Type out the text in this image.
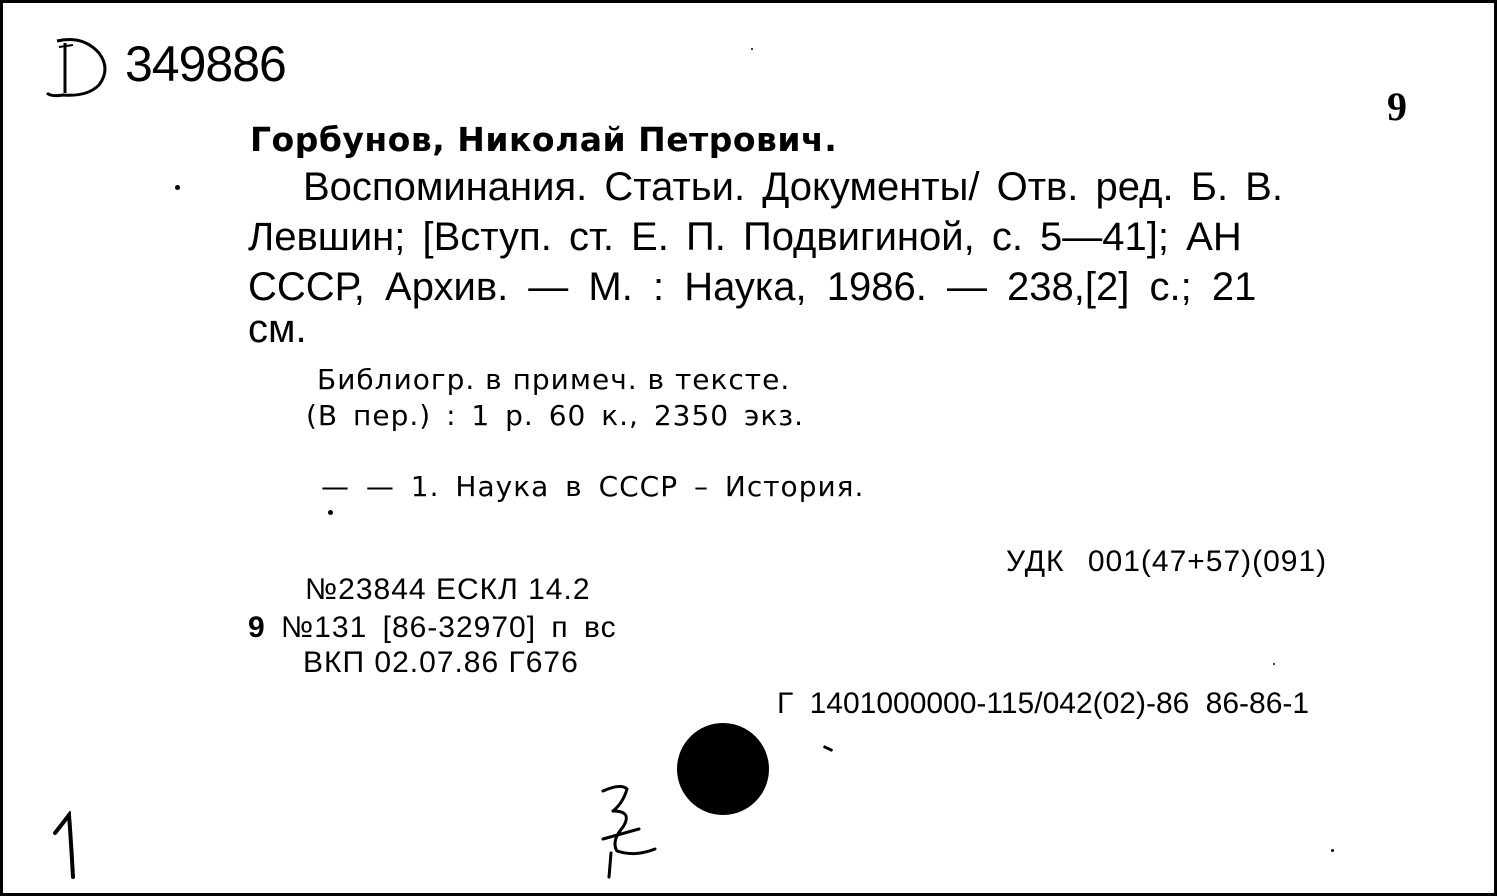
349886
9
Горбунов, Николай Петрович.
Воспоминания. Статьи. Документы/ Отв. ред. Б. В.
Левшин; [Вступ. ст. Е. П. Подвигиной, с. 5—41]; АН
СССР, Архив. — М. : Наука, 1986. — 238,[2] с.; 21
см.
Библиогр. в примеч. в тексте.
(В пер.) : 1 р. 60 к., 2350 экз.
— — 1. Наука в СССР – История.
УДК 001(47+57)(091)
№23844 ЕСКЛ 14.2
9 №131 [86-32970] п вс
ВКП 02.07.86 Г676
Г 1401000000-115/042(02)-86 86-86-1
